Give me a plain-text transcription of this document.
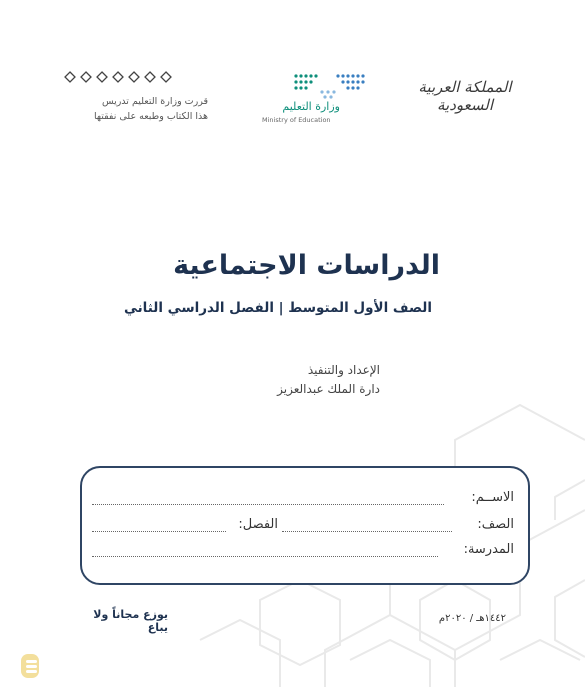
قررت وزارة التعليم تدريس
هذا الكتاب وطبعه على نفقتها
وزارة التعليم
Ministry of Education
المملكة العربية السعودية
الدراسات الاجتماعية
الصف الأول المتوسط | الفصل الدراسي الثاني
الإعداد والتنفيذ
دارة الملك عبدالعزيز
الاســم:
الصف:
الفصل:
المدرسة:
١٤٤٢هـ / ٢٠٢٠م
يوزع مجاناً ولا يباع
